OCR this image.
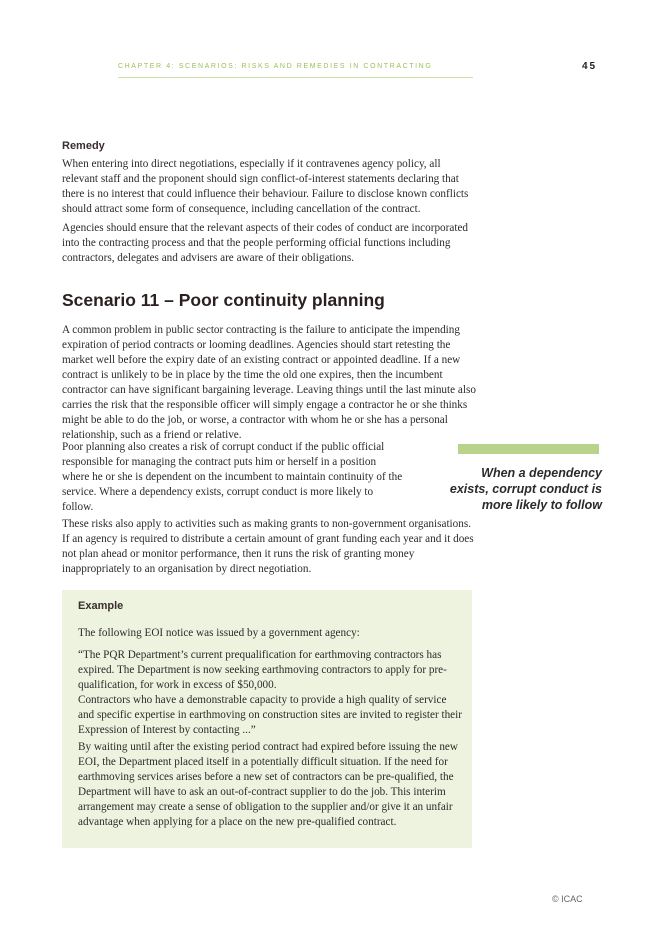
CHAPTER 4: SCENARIOS: RISKS AND REMEDIES IN CONTRACTING	45
Remedy

When entering into direct negotiations, especially if it contravenes agency policy, all relevant staff and the proponent should sign conflict-of-interest statements declaring that there is no interest that could influence their behaviour. Failure to disclose known conflicts should attract some form of consequence, including cancellation of the contract.

Agencies should ensure that the relevant aspects of their codes of conduct are incorporated into the contracting process and that the people performing official functions including contractors, delegates and advisers are aware of their obligations.

Scenario 11 – Poor continuity planning

A common problem in public sector contracting is the failure to anticipate the impending expiration of period contracts or looming deadlines. Agencies should start retesting the market well before the expiry date of an existing contract or appointed deadline. If a new contract is unlikely to be in place by the time the old one expires, then the incumbent contractor can have significant bargaining leverage. Leaving things until the last minute also carries the risk that the responsible officer will simply engage a contractor he or she thinks might be able to do the job, or worse, a contractor with whom he or she has a personal relationship, such as a friend or relative.

Poor planning also creates a risk of corrupt conduct if the public official responsible for managing the contract puts him or herself in a position where he or she is dependent on the incumbent to maintain continuity of the service. Where a dependency exists, corrupt conduct is more likely to follow.

These risks also apply to activities such as making grants to non-government organisations. If an agency is required to distribute a certain amount of grant funding each year and it does not plan ahead or monitor performance, then it runs the risk of granting money inappropriately to an organisation by direct negotiation.

When a dependency exists, corrupt conduct is more likely to follow
Example

The following EOI notice was issued by a government agency:

“The PQR Department’s current prequalification for earthmoving contractors has expired. The Department is now seeking earthmoving contractors to apply for pre-qualification, for work in excess of $50,000.

Contractors who have a demonstrable capacity to provide a high quality of service and specific expertise in earthmoving on construction sites are invited to register their Expression of Interest by contacting ...”

By waiting until after the existing period contract had expired before issuing the new EOI, the Department placed itself in a potentially difficult situation. If the need for earthmoving services arises before a new set of contractors can be pre-qualified, the Department will have to ask an out-of-contract supplier to do the job. This interim arrangement may create a sense of obligation to the supplier and/or give it an unfair advantage when applying for a place on the new pre-qualified contract.

© ICAC
